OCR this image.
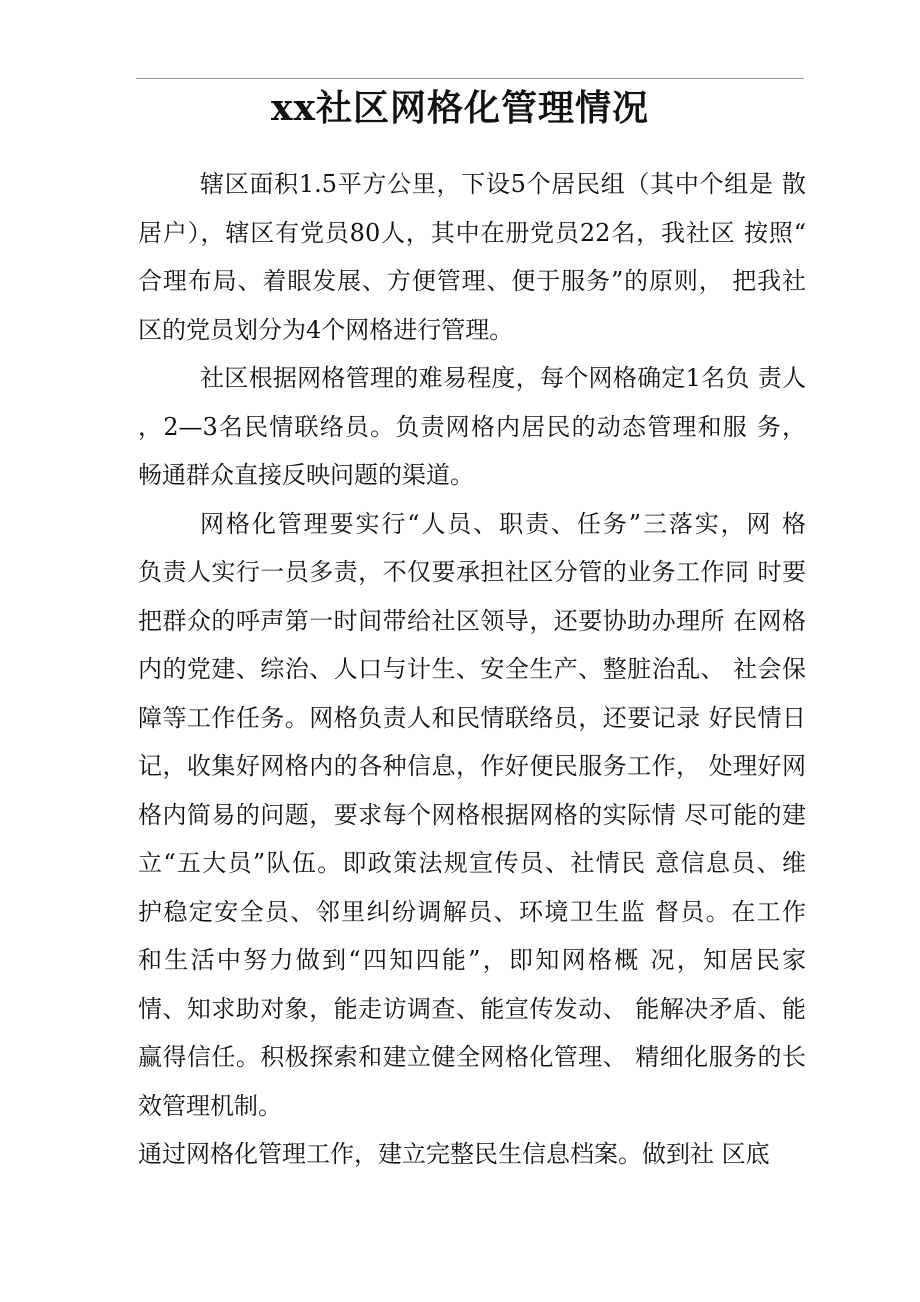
xx社区网格化管理情况
辖区面积1.5平方公里，下设5个居民组（其中个组是 散
居户），辖区有党员80人，其中在册党员22名，我社区 按照“
合理布局、着眼发展、方便管理、便于服务”的原则， 把我社
区的党员划分为4个网格进行管理。
社区根据网格管理的难易程度，每个网格确定1名负 责人
，2—3名民情联络员。负责网格内居民的动态管理和服 务，
畅通群众直接反映问题的渠道。
网格化管理要实行“人员、职责、任务”三落实，网 格
负责人实行一员多责，不仅要承担社区分管的业务工作同 时要
把群众的呼声第一时间带给社区领导，还要协助办理所 在网格
内的党建、综治、人口与计生、安全生产、整脏治乱、 社会保
障等工作任务。网格负责人和民情联络员，还要记录 好民情日
记，收集好网格内的各种信息，作好便民服务工作， 处理好网
格内简易的问题，要求每个网格根据网格的实际情 尽可能的建
立“五大员”队伍。即政策法规宣传员、社情民 意信息员、维
护稳定安全员、邻里纠纷调解员、环境卫生监 督员。在工作
和生活中努力做到“四知四能”，即知网格概 况，知居民家
情、知求助对象，能走访调查、能宣传发动、 能解决矛盾、能
赢得信任。积极探索和建立健全网格化管理、 精细化服务的长
效管理机制。
通过网格化管理工作，建立完整民生信息档案。做到社 区底
